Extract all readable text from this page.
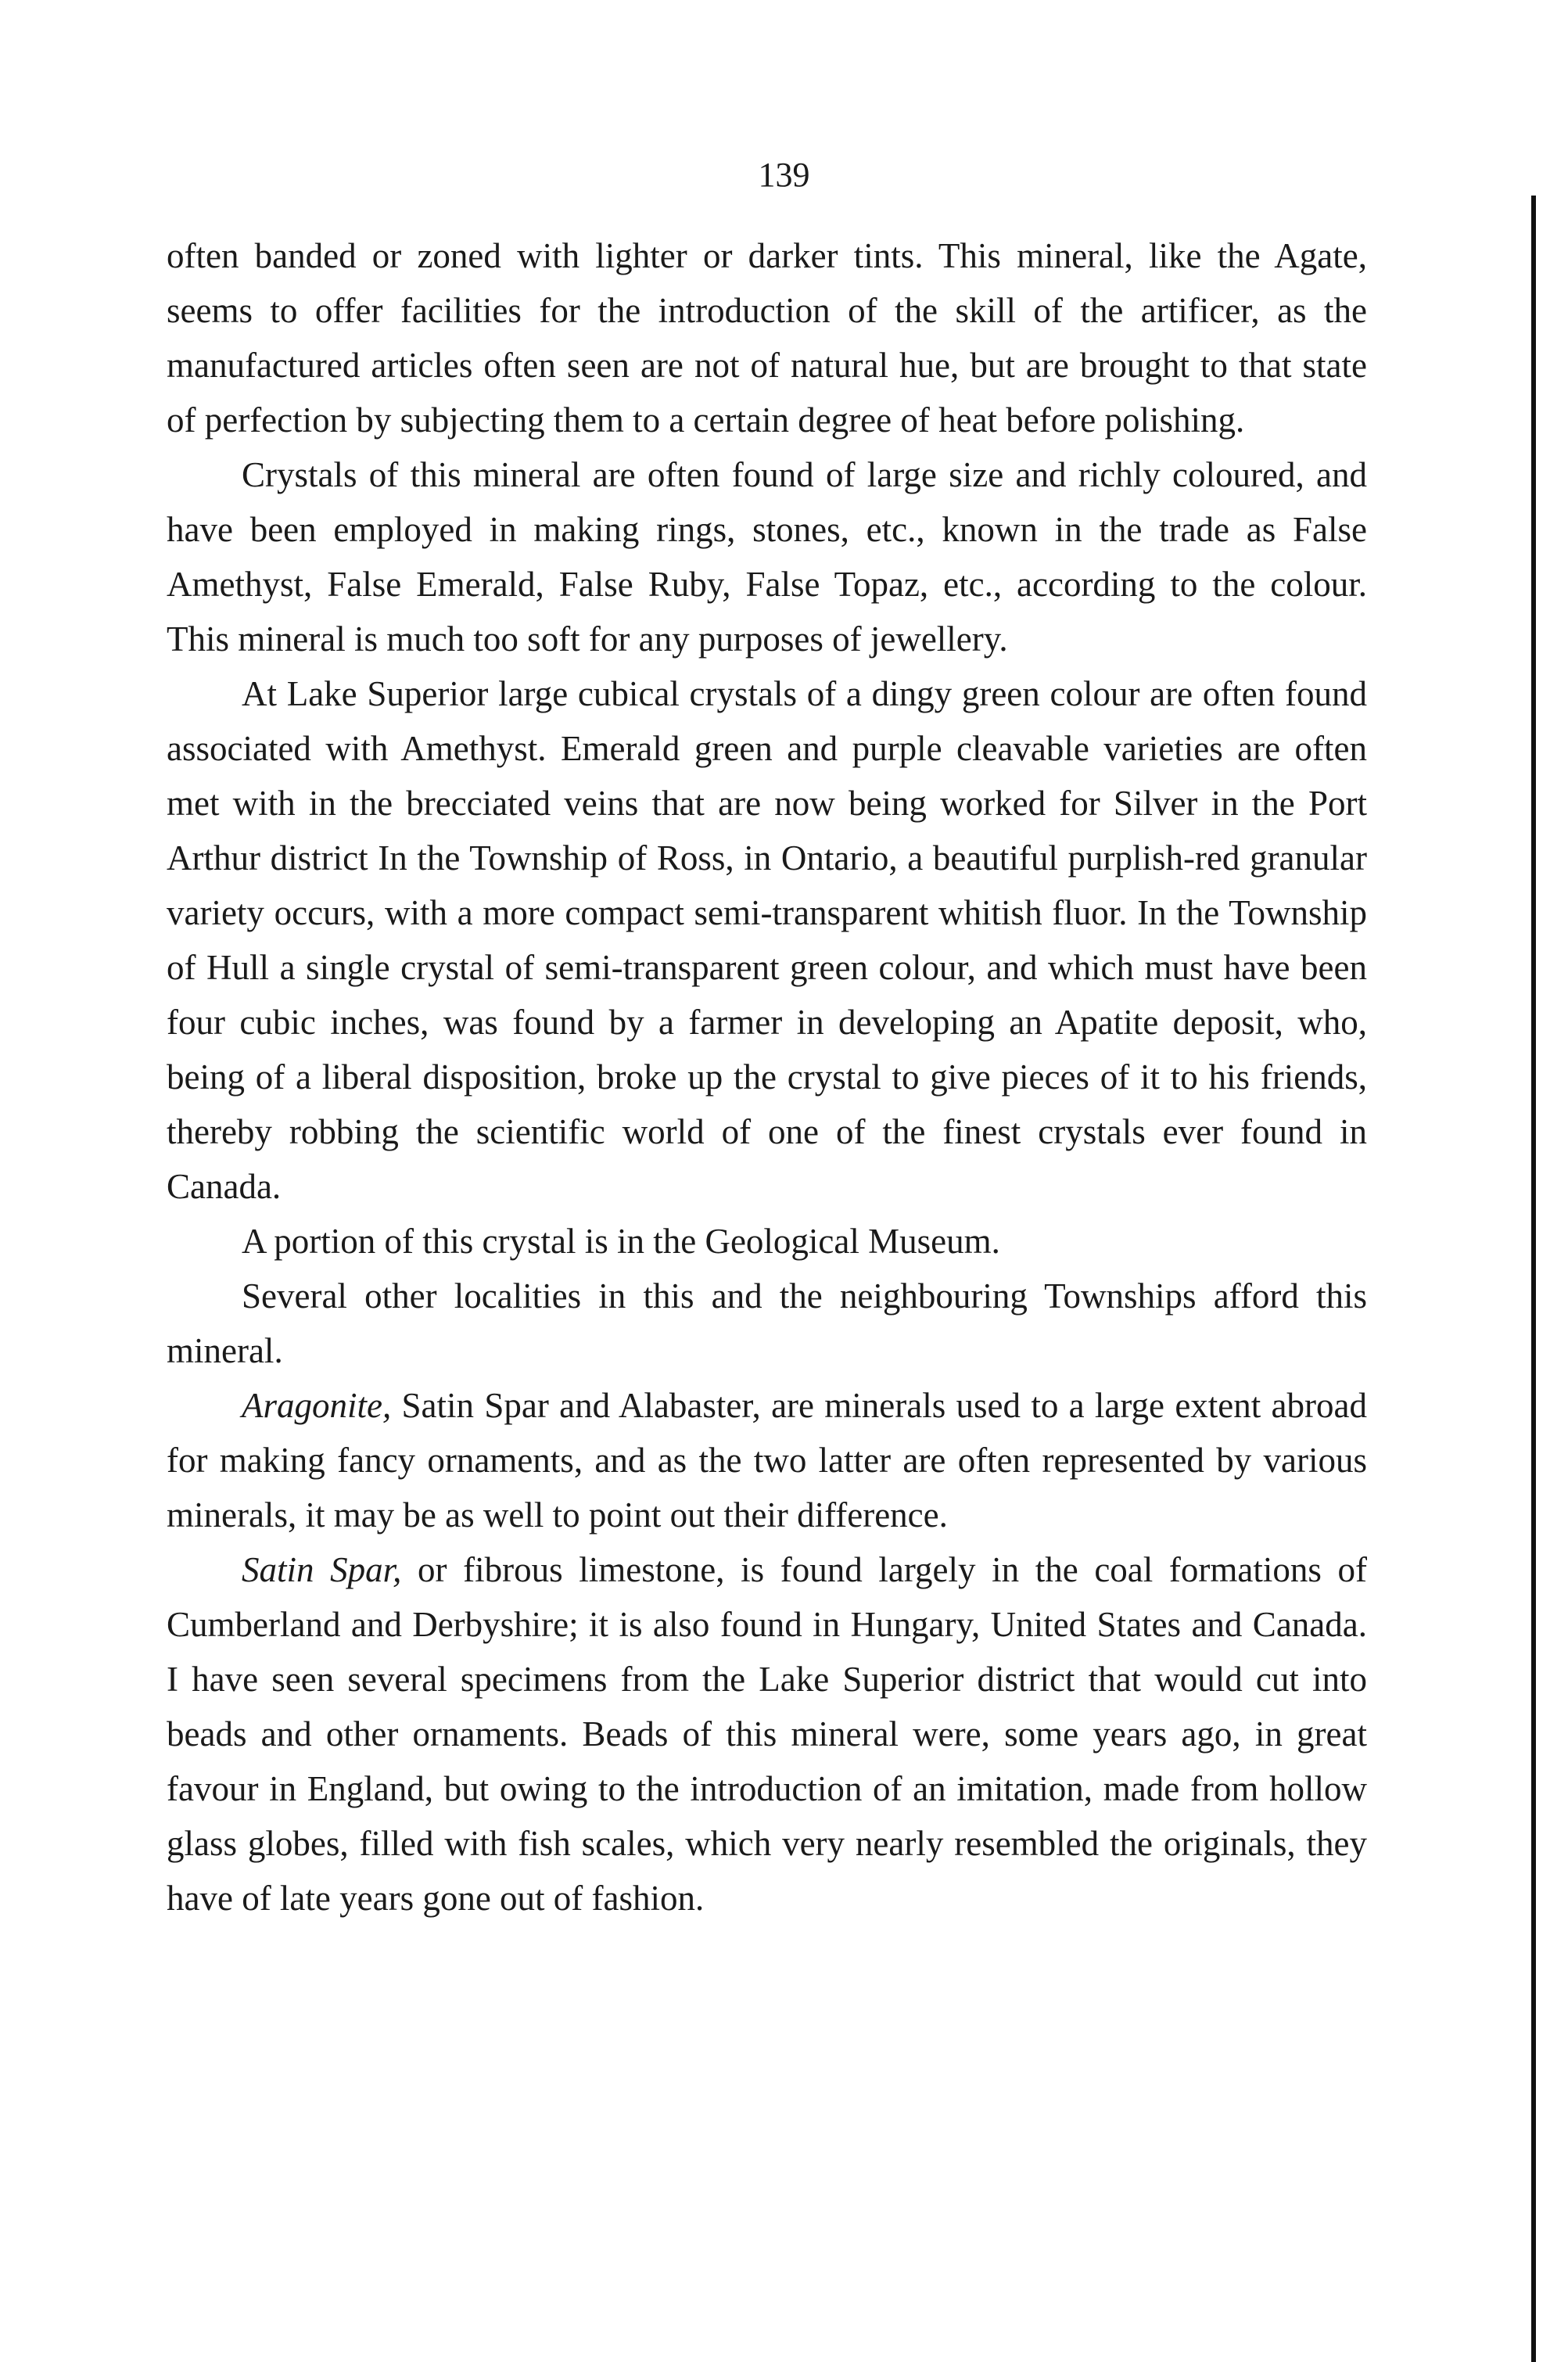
139

often banded or zoned with lighter or darker tints. This mineral, like the Agate, seems to offer facilities for the introduction of the skill of the artificer, as the manufactured articles often seen are not of natural hue, but are brought to that state of perfection by subjecting them to a certain degree of heat before polishing.

Crystals of this mineral are often found of large size and richly coloured, and have been employed in making rings, stones, etc., known in the trade as False Amethyst, False Emerald, False Ruby, False Topaz, etc., according to the colour. This mineral is much too soft for any purposes of jewellery.

At Lake Superior large cubical crystals of a dingy green colour are often found associated with Amethyst. Emerald green and purple cleavable varieties are often met with in the brecciated veins that are now being worked for Silver in the Port Arthur district In the Township of Ross, in Ontario, a beautiful purplish-red granular variety occurs, with a more compact semi-transparent whitish fluor. In the Township of Hull a single crystal of semi-transparent green colour, and which must have been four cubic inches, was found by a farmer in developing an Apatite deposit, who, being of a liberal disposition, broke up the crystal to give pieces of it to his friends, thereby robbing the scientific world of one of the finest crystals ever found in Canada.

A portion of this crystal is in the Geological Museum.

Several other localities in this and the neighbouring Townships afford this mineral.

Aragonite, Satin Spar and Alabaster, are minerals used to a large extent abroad for making fancy ornaments, and as the two latter are often represented by various minerals, it may be as well to point out their difference.

Satin Spar, or fibrous limestone, is found largely in the coal formations of Cumberland and Derbyshire; it is also found in Hungary, United States and Canada. I have seen several specimens from the Lake Superior district that would cut into beads and other ornaments. Beads of this mineral were, some years ago, in great favour in England, but owing to the introduction of an imitation, made from hollow glass globes, filled with fish scales, which very nearly resembled the originals, they have of late years gone out of fashion.
